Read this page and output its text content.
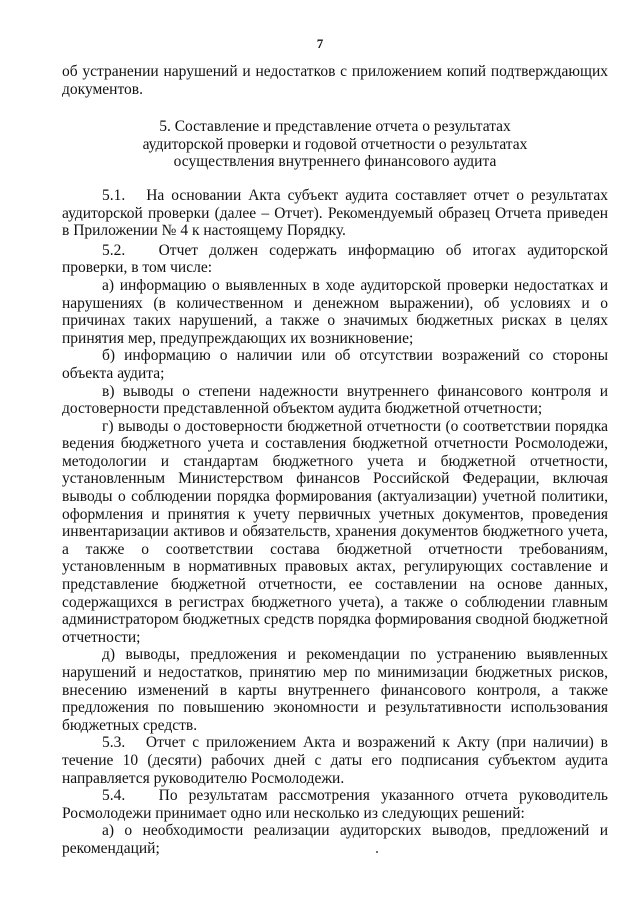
7

об устранении нарушений и недостатков с приложением копий подтверждающих документов.

5. Составление и представление отчета о результатах
аудиторской проверки и годовой отчетности о результатах
осуществления внутреннего финансового аудита

5.1.   На основании Акта субъект аудита составляет отчет о результатах аудиторской проверки (далее – Отчет). Рекомендуемый образец Отчета приведен в Приложении № 4 к настоящему Порядку.

5.2.   Отчет должен содержать информацию об итогах аудиторской проверки, в том числе:

а) информацию о выявленных в ходе аудиторской проверки недостатках и нарушениях (в количественном и денежном выражении), об условиях и о причинах таких нарушений, а также о значимых бюджетных рисках в целях принятия мер, предупреждающих их возникновение;

б) информацию о наличии или об отсутствии возражений со стороны объекта аудита;

в) выводы о степени надежности внутреннего финансового контроля и достоверности представленной объектом аудита бюджетной отчетности;

г) выводы о достоверности бюджетной отчетности (о соответствии порядка ведения бюджетного учета и составления бюджетной отчетности Росмолодежи, методологии и стандартам бюджетного учета и бюджетной отчетности, установленным Министерством финансов Российской Федерации, включая выводы о соблюдении порядка формирования (актуализации) учетной политики, оформления и принятия к учету первичных учетных документов, проведения инвентаризации активов и обязательств, хранения документов бюджетного учета, а также о соответствии состава бюджетной отчетности требованиям, установленным в нормативных правовых актах, регулирующих составление и представление бюджетной отчетности, ее составлении на основе данных, содержащихся в регистрах бюджетного учета), а также о соблюдении главным администратором бюджетных средств порядка формирования сводной бюджетной отчетности;

д) выводы, предложения и рекомендации по устранению выявленных нарушений и недостатков, принятию мер по минимизации бюджетных рисков, внесению изменений в карты внутреннего финансового контроля, а также предложения по повышению экономности и результативности использования бюджетных средств.

5.3.   Отчет с приложением Акта и возражений к Акту (при наличии) в течение 10 (десяти) рабочих дней с даты его подписания субъектом аудита направляется руководителю Росмолодежи.

5.4.   По результатам рассмотрения указанного отчета руководитель Росмолодежи принимает одно или несколько из следующих решений:

а) о необходимости реализации аудиторских выводов, предложений и рекомендаций;
